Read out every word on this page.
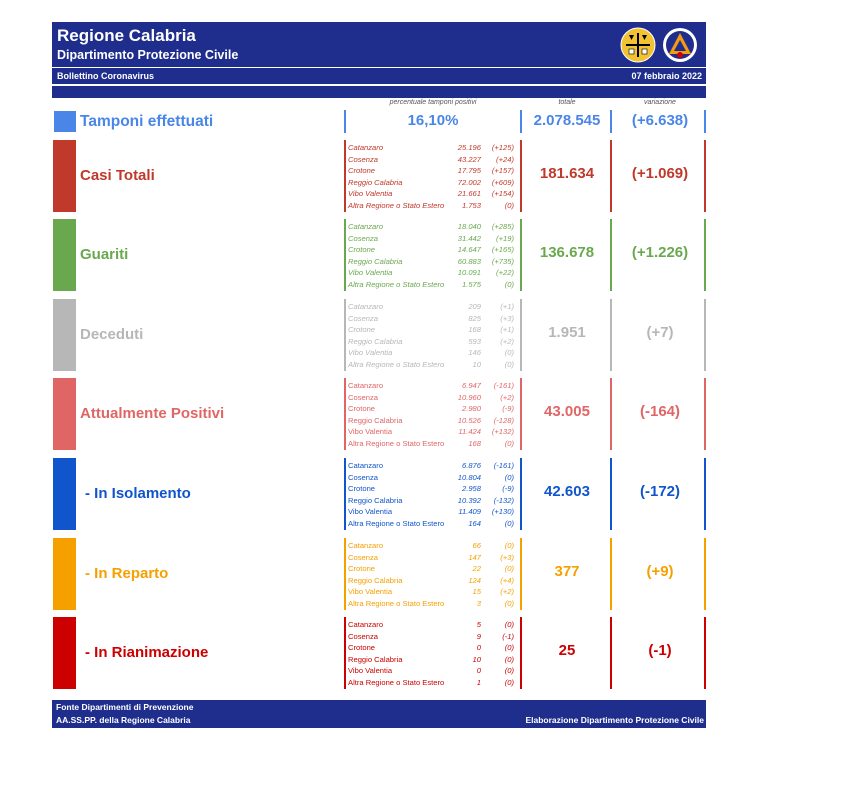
Regione Calabria
Dipartimento Protezione Civile
Bollettino Coronavirus	07 febbraio 2022
percentuale tamponi positivi	totale	variazione
Tamponi effettuati	16,10%	2.078.545	(+6.638)
Casi Totali
Catanzaro	25.196 (+125)
Cosenza	43.227 (+24)
Crotone	17.795 (+157)
Reggio Calabria	72.002 (+609)
Vibo Valentia	21.661 (+154)
Altra Regione o Stato Estero 1.753	(0)
181.634	(+1.069)
Guariti
Catanzaro	18.040 (+285)
Cosenza	31.442 (+19)
Crotone	14.647 (+165)
Reggio Calabria	60.883 (+735)
Vibo Valentia	10.091 (+22)
Altra Regione o Stato Estero 1.575	(0)
136.678	(+1.226)
Deceduti
Catanzaro	209	(+1)
Cosenza	825	(+3)
Crotone	168	(+1)
Reggio Calabria	593	(+2)
Vibo Valentia	146	(0)
Altra Regione o Stato Estero	10	(0)
1.951	(+7)
Attualmente Positivi
Catanzaro	6.947 (-161)
Cosenza	10.960	(+2)
Crotone	2.980	(-9)
Reggio Calabria	10.526 (-128)
Vibo Valentia	11.424 (+132)
Altra Regione o Stato Estero	168	(0)
43.005	(-164)
- In Isolamento
Catanzaro	6.876 (-161)
Cosenza	10.804	(0)
Crotone	2.958	(-9)
Reggio Calabria	10.392 (-132)
Vibo Valentia	11.409 (+130)
Altra Regione o Stato Estero	164	(0)
42.603	(-172)
- In Reparto
Catanzaro	66	(0)
Cosenza	147	(+3)
Crotone	22	(0)
Reggio Calabria	124	(+4)
Vibo Valentia	15	(+2)
Altra Regione o Stato Estero	3	(0)
377	(+9)
- In Rianimazione
Catanzaro	5	(0)
Cosenza	9	(-1)
Crotone	0	(0)
Reggio Calabria	10	(0)
Vibo Valentia	0	(0)
Altra Regione o Stato Estero	1	(0)
25	(-1)
Fonte Dipartimenti di Prevenzione
AA.SS.PP. della Regione Calabria	Elaborazione Dipartimento Protezione Civile
